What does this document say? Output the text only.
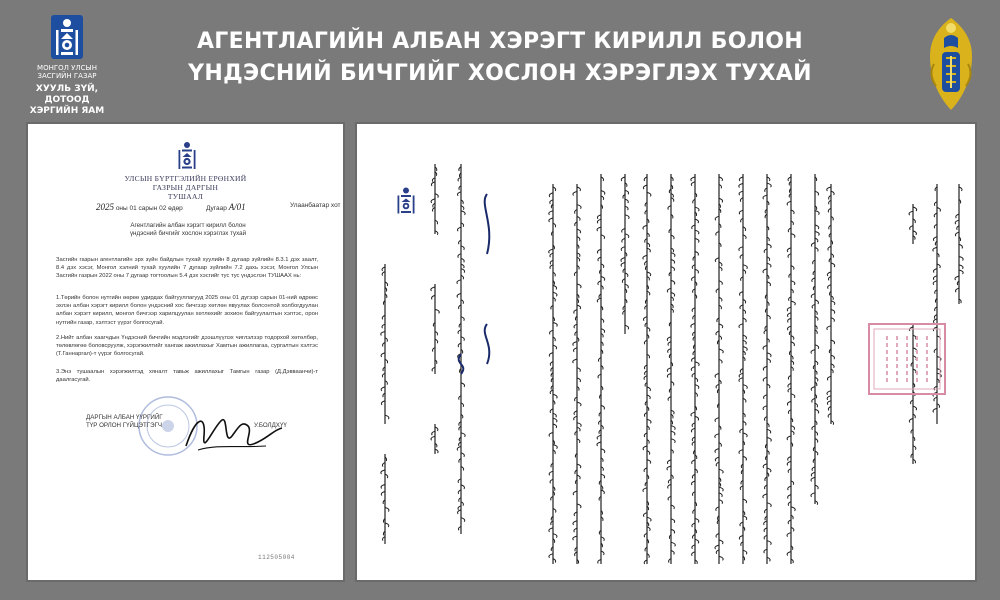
АГЕНТЛАГИЙН АЛБАН ХЭРЭГТ КИРИЛЛ БОЛОН
ҮНДЭСНИЙ БИЧГИЙГ ХОСЛОН ХЭРЭГЛЭХ ТУХАЙ
МОНГОЛ УЛСЫН
ЗАСГИЙН ГАЗАР
ХУУЛЬ ЗҮЙ, ДОТООД
ХЭРГИЙН ЯАМ
УЛСЫН БҮРТГЭЛИЙН ЕРӨНХИЙ
ГАЗРЫН ДАРГЫН
ТУШААЛ
2025 оны 01 сарын 02 өдөр	Дугаар А/01	Улаанбаатар хот
Агентлагийн албан хэрэгт кирилл болон
үндэсний бичгийг хослон хэрэглэх тухай
Засгийн газрын агентлагийн эрх зүйн байдлын тухай хуулийн 8 дугаар зүйлийн 8.3.1 дэх заалт, 8.4 дэх хэсэг, Монгол хэлний тухай хуулийн 7 дугаар зүйлийн 7.2 дахь хэсэг, Монгол Улсын Засгийн газрын 2022 оны 7 дугаар тогтоолын 5.4 дэх хэсгийг тус тус үндэслэн ТУШААХ нь:
1.Төрийн болон нутгийн өөрөө удирдах байгууллагууд 2025 оны 01 дүгээр сарын 01-ний өдрөөс эхлэн албан хэрэгт кирилл болон үндэсний хос бичгээр хөтлөн явуулах болсонтой холбогдуулан албан хэрэгт кирилл, монгол бичгээр харилцуулан хөтлөхийг зохион байгуулалтын хэлтэс, орон нутгийн газар, хэлтэст үүрэг болгосугай.
2.Нийт албан хаагчдын Үндэсний бичгийн мэдлэгийг дээшлүүлэх чиглэлээр тодорхой хөтөлбөр, төлөвлөгөө боловсруулж, хэрэгжилтийг хангаж ажиллахыг Хамтын ажиллагаа, сургалтын хэлтэс (Т.Ганнаргал)-т үүрэг болгосугай.
3.Энэ тушаалын хэрэгжилтэд хяналт тавьж ажиллахыг Тамгын газар (Д.Дэвваанчи)-т даалгасугай.
ДАРГЫН АЛБАН ҮҮРГИЙГ
ТҮР ОРЛОН ГҮЙЦЭТГЭГЧ	У.БОЛДХҮҮ
112505004
